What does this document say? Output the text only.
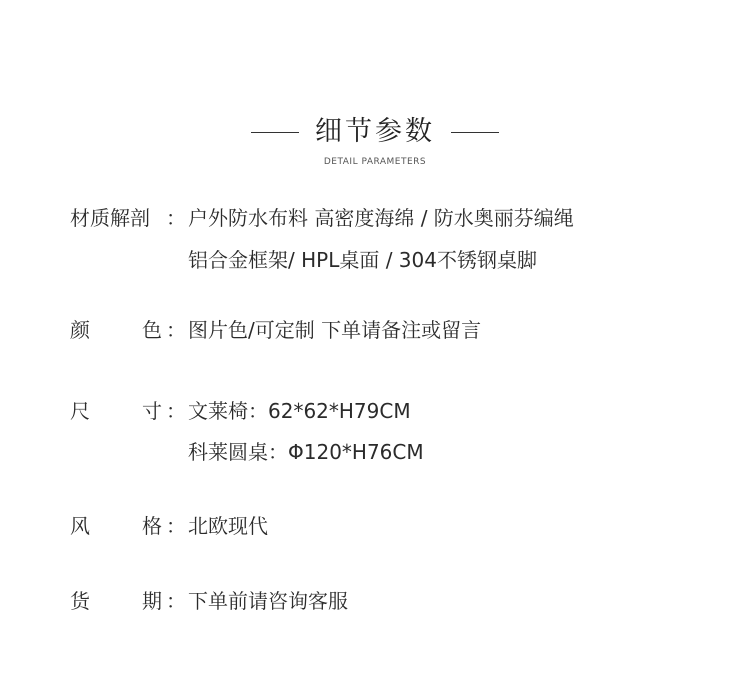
细节参数
DETAIL PARAMETERS
材质解剖 ： 户外防水布料 高密度海绵 / 防水奥丽芬编绳
铝合金框架/ HPL桌面 / 304不锈钢桌脚
颜	色 ： 图片色/可定制 下单请备注或留言
尺	寸 ： 文莱椅：62*62*H79CM
科莱圆桌：Φ120*H76CM
风	格 ： 北欧现代
货	期 ： 下单前请咨询客服
